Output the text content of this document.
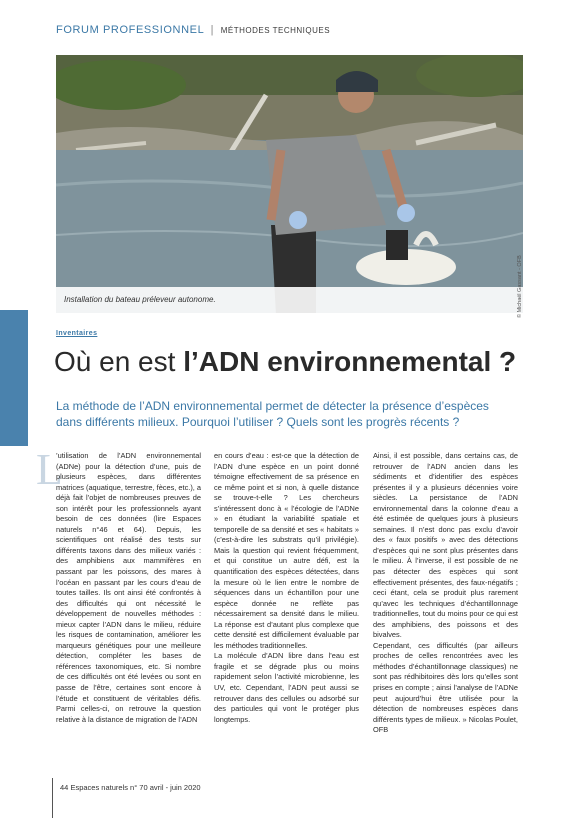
FORUM PROFESSIONNEL | MÉTHODES TECHNIQUES
Installation du bateau préleveur autonome.	© Michaël Gassant - OFB
Inventaires
Où en est l’ADN environnemental ?
La méthode de l’ADN environnemental permet de détecter la présence d’espèces dans différents milieux. Pourquoi l’utiliser ? Quels sont les progrès récents ?
L

’utilisation de l’ADN environnemental (ADNe) pour la détection d’une, puis de plusieurs espèces, dans différentes matrices (aquatique, terrestre, fèces, etc.), a déjà fait l’objet de nombreuses preuves de son intérêt pour les professionnels ayant besoin de ces données (lire Espaces naturels n°46 et 64). Depuis, les scientifiques ont réalisé des tests sur différents taxons dans des milieux variés : des amphibiens aux mammifères en passant par les poissons, des mares à l’océan en passant par les cours d’eau de toutes tailles. Ils ont ainsi été confrontés à des difficultés qui ont nécessité le développement de nouvelles méthodes : mieux capter l’ADN dans le milieu, réduire les risques de contamination, améliorer les marqueurs génétiques pour une meilleure détection, compléter les bases de références taxonomiques, etc. Si nombre de ces difficultés ont été levées ou sont en passe de l’être, certaines sont encore à l’étude et constituent de véritables défis. Parmi celles-ci, on retrouve la question relative à la distance de migration de l’ADN

en cours d’eau : est-ce que la détection de l’ADN d’une espèce en un point donné témoigne effectivement de sa présence en ce même point et si non, à quelle distance se trouve-t-elle ? Les chercheurs s’intéressent donc à « l’écologie de l’ADNe » en étudiant la variabilité spatiale et temporelle de sa densité et ses « habitats » (c’est-à-dire les substrats qu’il privilégie). Mais la question qui revient fréquemment, et qui constitue un autre défi, est la quantification des espèces détectées, dans la mesure où le lien entre le nombre de séquences dans un échantillon pour une espèce donnée ne reflète pas nécessairement sa densité dans le milieu. La réponse est d’autant plus complexe que cette densité est difficilement évaluable par les méthodes traditionnelles.

La molécule d’ADN libre dans l’eau est fragile et se dégrade plus ou moins rapidement selon l’activité microbienne, les UV, etc. Cependant, l’ADN peut aussi se retrouver dans des cellules ou adsorbé sur des particules qui vont le protéger plus longtemps.

Ainsi, il est possible, dans certains cas, de retrouver de l’ADN ancien dans les sédiments et d’identifier des espèces présentes il y a plusieurs décennies voire siècles. La persistance de l’ADN environnemental dans la colonne d’eau a été estimée de quelques jours à plusieurs semaines. Il n’est donc pas exclu d’avoir des « faux positifs » avec des détections d’espèces qui ne sont plus présentes dans le milieu. À l’inverse, il est possible de ne pas détecter des espèces qui sont effectivement présentes, des faux-négatifs ; ceci étant, cela se produit plus rarement qu’avec les techniques d’échantillonnage traditionnelles, tout du moins pour ce qui est des amphibiens, des poissons et des bivalves.

Cependant, ces difficultés (par ailleurs proches de celles rencontrées avec les méthodes d’échantillonnage classiques) ne sont pas rédhibitoires dès lors qu’elles sont prises en compte ; ainsi l’analyse de l’ADNe peut aujourd’hui être utilisée pour la détection de nombreuses espèces dans différents types de milieux. » Nicolas Poulet, OFB

44 Espaces naturels n° 70 avril - juin 2020
